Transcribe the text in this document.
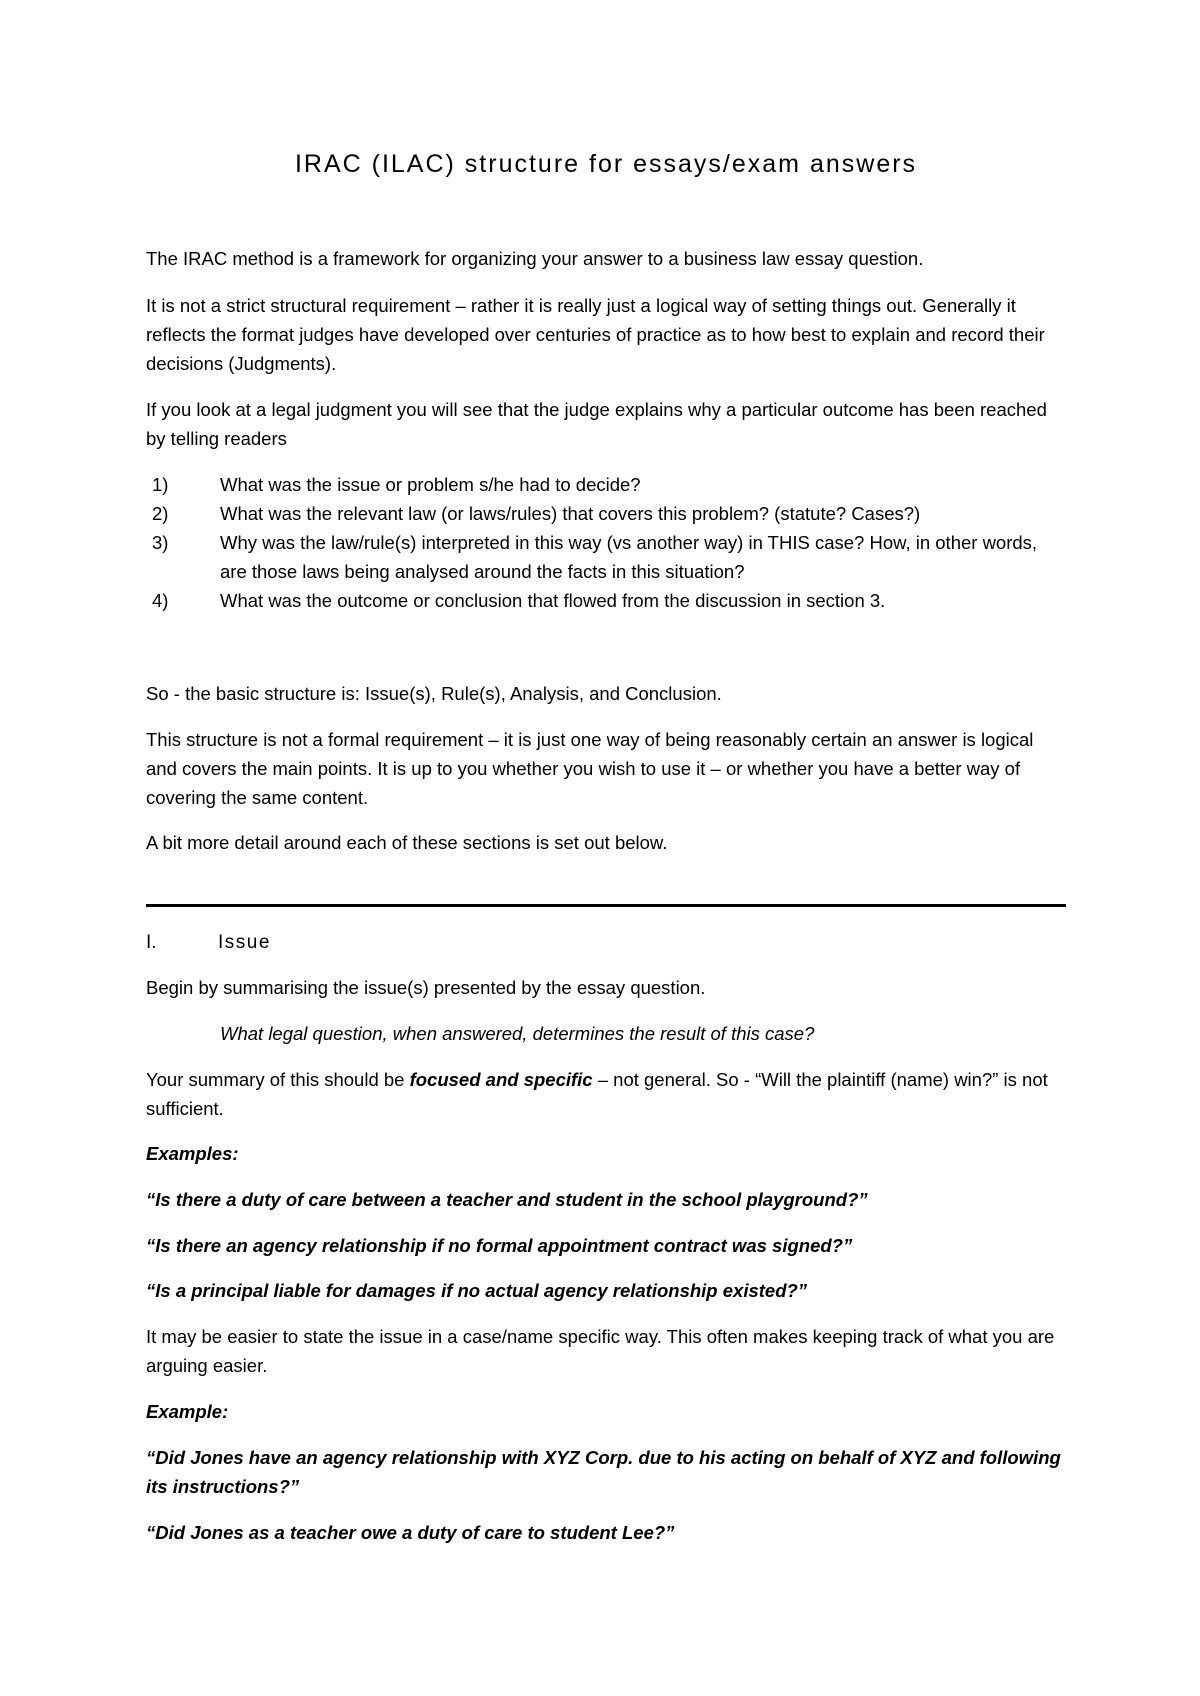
IRAC (ILAC) structure for essays/exam answers

The IRAC method is a framework for organizing your answer to a business law essay question.

It is not a strict structural requirement – rather it is really just a logical way of setting things out. Generally it reflects the format judges have developed over centuries of practice as to how best to explain and record their decisions (Judgments).

If you look at a legal judgment you will see that the judge explains why a particular outcome has been reached by telling readers

1)	What was the issue or problem s/he had to decide?
2)	What was the relevant law (or laws/rules) that covers this problem? (statute? Cases?)
3)	Why was the law/rule(s) interpreted in this way (vs another way) in THIS case? How, in other words, are those laws being analysed around the facts in this situation?
4)	What was the outcome or conclusion that flowed from the discussion in section 3.

So - the basic structure is: Issue(s), Rule(s), Analysis, and Conclusion.

This structure is not a formal requirement – it is just one way of being reasonably certain an answer is logical and covers the main points. It is up to you whether you wish to use it – or whether you have a better way of covering the same content.

A bit more detail around each of these sections is set out below.

I.	Issue

Begin by summarising the issue(s) presented by the essay question.

What legal question, when answered, determines the result of this case?

Your summary of this should be focused and specific – not general. So - “Will the plaintiff (name) win?” is not sufficient.

Examples:

“Is there a duty of care between a teacher and student in the school playground?”

“Is there an agency relationship if no formal appointment contract was signed?”

“Is a principal liable for damages if no actual agency relationship existed?”

It may be easier to state the issue in a case/name specific way. This often makes keeping track of what you are arguing easier.

Example:

“Did Jones have an agency relationship with XYZ Corp. due to his acting on behalf of XYZ and following its instructions?”

“Did Jones as a teacher owe a duty of care to student Lee?”
